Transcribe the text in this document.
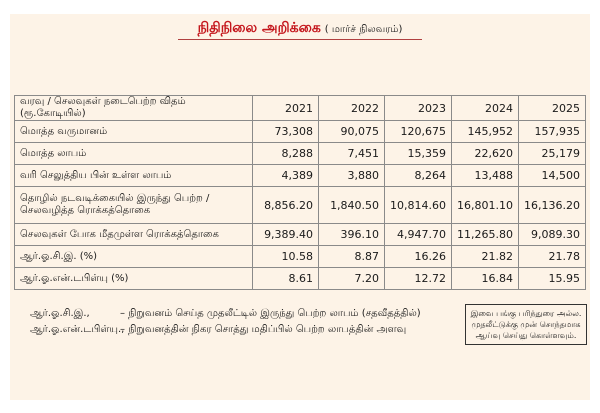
நிதிநிலை அறிக்கை ( மார்ச் நிலவரம்)
வரவு / செலவுகள் நடைபெற்ற விதம் (ரூ.கோடியில்)	2021	2022	2023	2024	2025
மொத்த வருமானம்	73,308	90,075	120,675	145,952	157,935
மொத்த லாபம்	8,288	7,451	15,359	22,620	25,179
வரி செலுத்திய பின் உள்ள லாபம்	4,389	3,880	8,264	13,488	14,500
தொழில் நடவடிக்கையில் இருந்து பெற்ற / செலவழித்த ரொக்கத்தொகை	8,856.20	1,840.50	10,814.60	16,801.10	16,136.20
செலவுகள் போக மீதமுள்ள ரொக்கத்தொகை	9,389.40	396.10	4,947.70	11,265.80	9,089.30
ஆர்.ஓ.சி.இ. (%)	10.58	8.87	16.26	21.82	21.78
ஆர்.ஓ.என்.டபிள்யு (%)	8.61	7.20	12.72	16.84	15.95
ஆர்.ஓ.சி.இ.,	– நிறுவனம் செய்த முதலீட்டில் இருந்து பெற்ற லாபம் (சதவீதத்தில்)
ஆர்.ஓ.என்.டபிள்யு.,
– நிறுவனத்தின் நிகர சொத்து மதிப்பில் பெற்ற லாபத்தின் அளவு
இவை பங்கு பரிந்துரை அல்ல. முதலீட்டுக்கு முன் சொந்தமாக ஆய்வு செய்து கொள்ளவும்.
